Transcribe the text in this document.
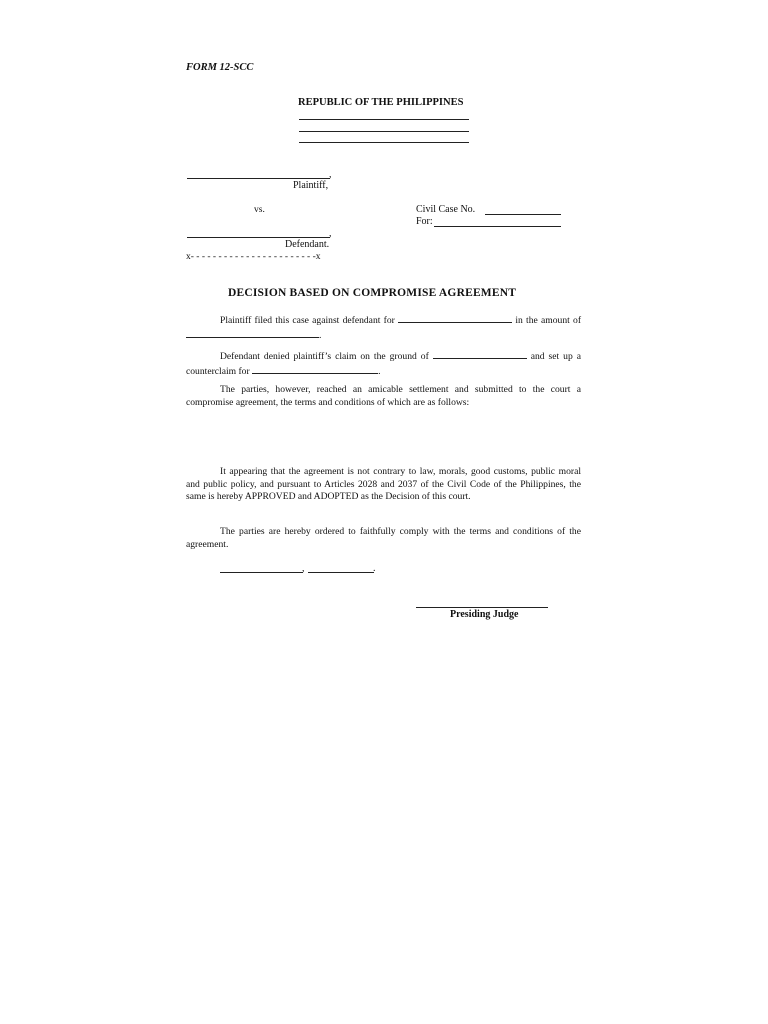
FORM 12-SCC
REPUBLIC OF THE PHILIPPINES
,
Plaintiff,
vs.	Civil Case No.
For:
,
Defendant.
x- - - - - - - - - - - - - - - - - - - - - - -x
DECISION BASED ON COMPROMISE AGREEMENT
Plaintiff filed this case against defendant for	in the amount of .
Defendant denied plaintiff’s claim on the ground of	and set up a counterclaim for	.
The parties, however, reached an amicable settlement and submitted to the court a compromise agreement, the terms and conditions of which are as follows:
It appearing that the agreement is not contrary to law, morals, good customs, public moral and public policy, and pursuant to Articles 2028 and 2037 of the Civil Code of the Philippines, the same is hereby APPROVED and ADOPTED as the Decision of this court.
The parties are hereby ordered to faithfully comply with the terms and conditions of the agreement.
,	.
Presiding Judge
